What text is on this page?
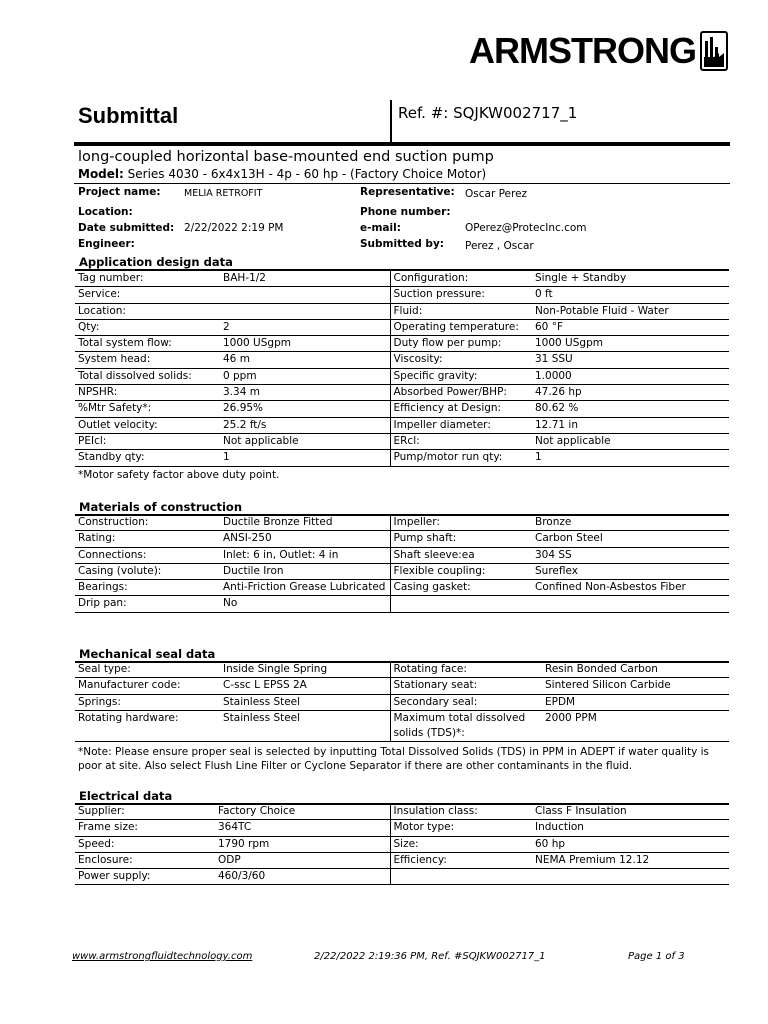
ARMSTRONG
Submittal	Ref. #: SQJKW002717_1
long-coupled horizontal base-mounted end suction pump
Model: Series 4030 - 6x4x13H - 4p - 60 hp - (Factory Choice Motor)
Project name: MELIA RETROFIT
Location:
Date submitted: 2/22/2022 2:19 PM
Engineer:
Representative: Oscar Perez
Phone number:
e-mail:	OPerez@ProtecInc.com
Submitted by: Perez , Oscar
Application design data
Tag number:	BAH-1/2	Configuration:	Single + Standby
Service:		Suction pressure:	0 ft
Location:		Fluid:	Non-Potable Fluid - Water
Qty:	2	Operating temperature:	60 °F
Total system flow:	1000 USgpm	Duty flow per pump:	1000 USgpm
System head:	46 m	Viscosity:	31 SSU
Total dissolved solids:	0 ppm	Specific gravity:	1.0000
NPSHR:	3.34 m	Absorbed Power/BHP:	47.26 hp
%Mtr Safety*:	26.95%	Efficiency at Design:	80.62 %
Outlet velocity:	25.2 ft/s	Impeller diameter:	12.71 in
PEIcl:	Not applicable	ERcl:	Not applicable
Standby qty:	1	Pump/motor run qty:	1
*Motor safety factor above duty point.
Materials of construction
Construction:	Ductile Bronze Fitted	Impeller:	Bronze
Rating:	ANSI-250	Pump shaft:	Carbon Steel
Connections:	Inlet: 6 in, Outlet: 4 in	Shaft sleeve:ea	304 SS
Casing (volute):	Ductile Iron	Flexible coupling:	Sureflex
Bearings:	Anti-Friction Grease Lubricated	Casing gasket:	Confined Non-Asbestos Fiber
Drip pan:	No		
Mechanical seal data
Seal type:	Inside Single Spring	Rotating face:	Resin Bonded Carbon
Manufacturer code:	C-ssc L EPSS 2A	Stationary seat:	Sintered Silicon Carbide
Springs:	Stainless Steel	Secondary seal:	EPDM
Rotating hardware:	Stainless Steel	Maximum total dissolved
solids (TDS)*:	2000 PPM
*Note: Please ensure proper seal is selected by inputting Total Dissolved Solids (TDS) in PPM in ADEPT if water quality is
poor at site. Also select Flush Line Filter or Cyclone Separator if there are other contaminants in the fluid.
Electrical data
Supplier:	Factory Choice	Insulation class:	Class F Insulation
Frame size:	364TC	Motor type:	Induction
Speed:	1790 rpm	Size:	60 hp
Enclosure:	ODP	Efficiency:	NEMA Premium 12.12
Power supply:	460/3/60		
www.armstrongfluidtechnology.com	2/22/2022 2:19:36 PM, Ref. #SQJKW002717_1	Page 1 of 3
